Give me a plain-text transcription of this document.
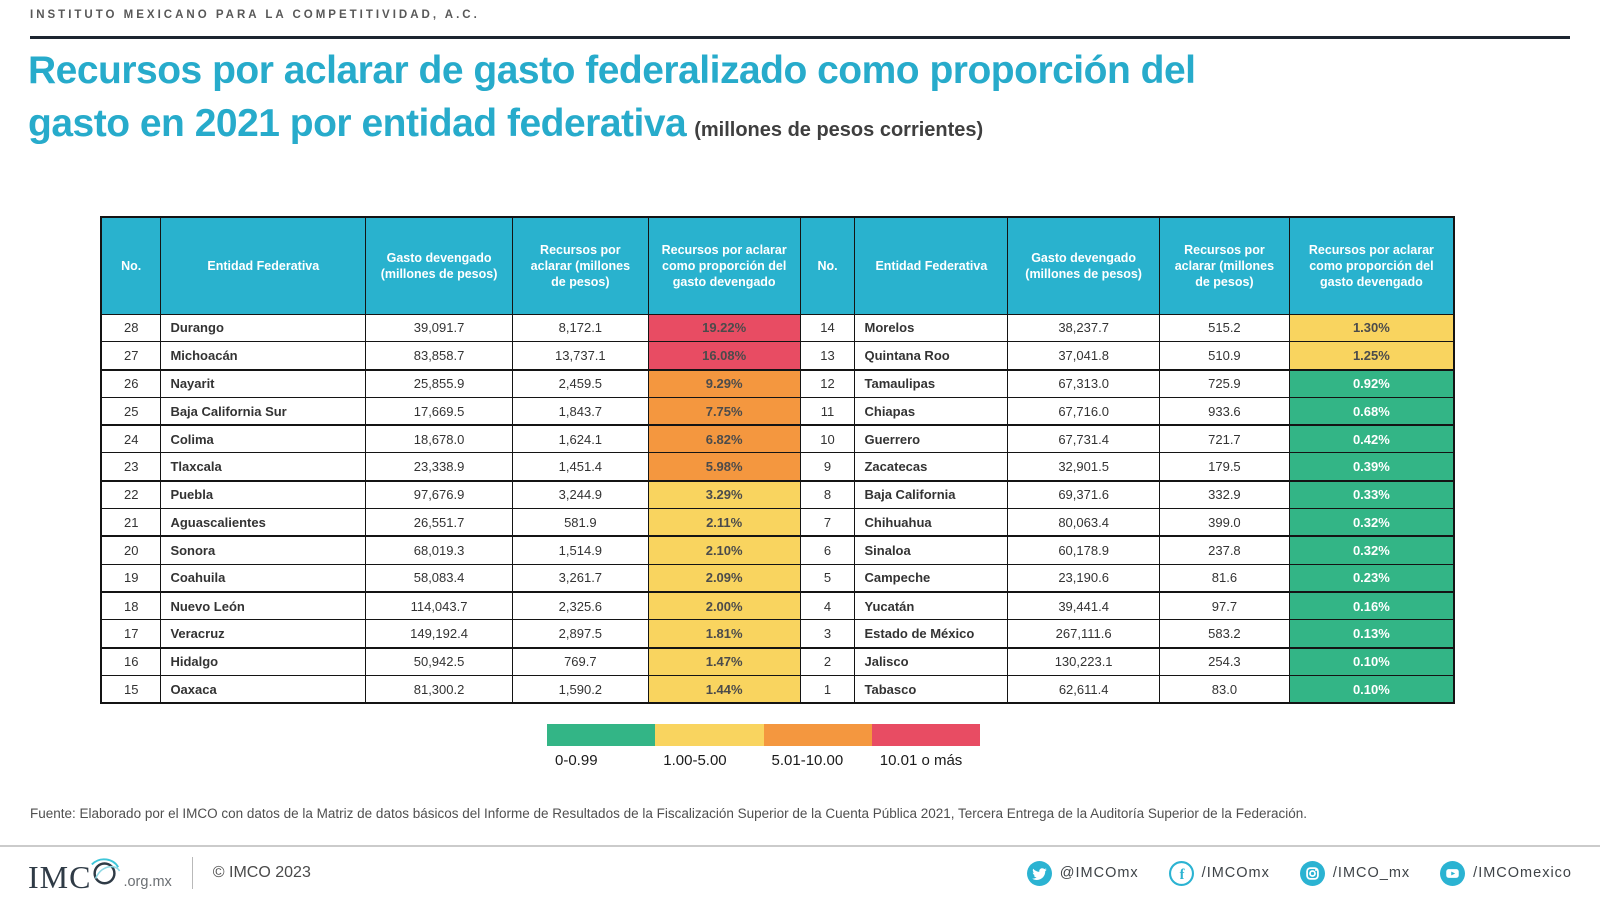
INSTITUTO MEXICANO PARA LA COMPETITIVIDAD, A.C.
Recursos por aclarar de gasto federalizado como proporción del
gasto en 2021 por entidad federativa (millones de pesos corrientes)
No.	Entidad Federativa	Gasto devengado (millones de pesos)	Recursos por aclarar (millones de pesos)	Recursos por aclarar como proporción del gasto devengado	No.	Entidad Federativa	Gasto devengado (millones de pesos)	Recursos por aclarar (millones de pesos)	Recursos por aclarar como proporción del gasto devengado
28	Durango	39,091.7	8,172.1	19.22%	14	Morelos	38,237.7	515.2	1.30%
27	Michoacán	83,858.7	13,737.1	16.08%	13	Quintana Roo	37,041.8	510.9	1.25%
26	Nayarit	25,855.9	2,459.5	9.29%	12	Tamaulipas	67,313.0	725.9	0.92%
25	Baja California Sur	17,669.5	1,843.7	7.75%	11	Chiapas	67,716.0	933.6	0.68%
24	Colima	18,678.0	1,624.1	6.82%	10	Guerrero	67,731.4	721.7	0.42%
23	Tlaxcala	23,338.9	1,451.4	5.98%	9	Zacatecas	32,901.5	179.5	0.39%
22	Puebla	97,676.9	3,244.9	3.29%	8	Baja California	69,371.6	332.9	0.33%
21	Aguascalientes	26,551.7	581.9	2.11%	7	Chihuahua	80,063.4	399.0	0.32%
20	Sonora	68,019.3	1,514.9	2.10%	6	Sinaloa	60,178.9	237.8	0.32%
19	Coahuila	58,083.4	3,261.7	2.09%	5	Campeche	23,190.6	81.6	0.23%
18	Nuevo León	114,043.7	2,325.6	2.00%	4	Yucatán	39,441.4	97.7	0.16%
17	Veracruz	149,192.4	2,897.5	1.81%	3	Estado de México	267,111.6	583.2	0.13%
16	Hidalgo	50,942.5	769.7	1.47%	2	Jalisco	130,223.1	254.3	0.10%
15	Oaxaca	81,300.2	1,590.2	1.44%	1	Tabasco	62,611.4	83.0	0.10%
0-0.99	1.00-5.00	5.01-10.00	10.01 o más

Fuente: Elaborado por el IMCO con datos de la Matriz de datos básicos del Informe de Resultados de la Fiscalización Superior de la Cuenta Pública 2021, Tercera Entrega de la Auditoría Superior de la Federación.

IMC .org.mx
© IMCO 2023	@IMCOmx	f /IMCOmx	/IMCO_mx	/IMCOmexico
